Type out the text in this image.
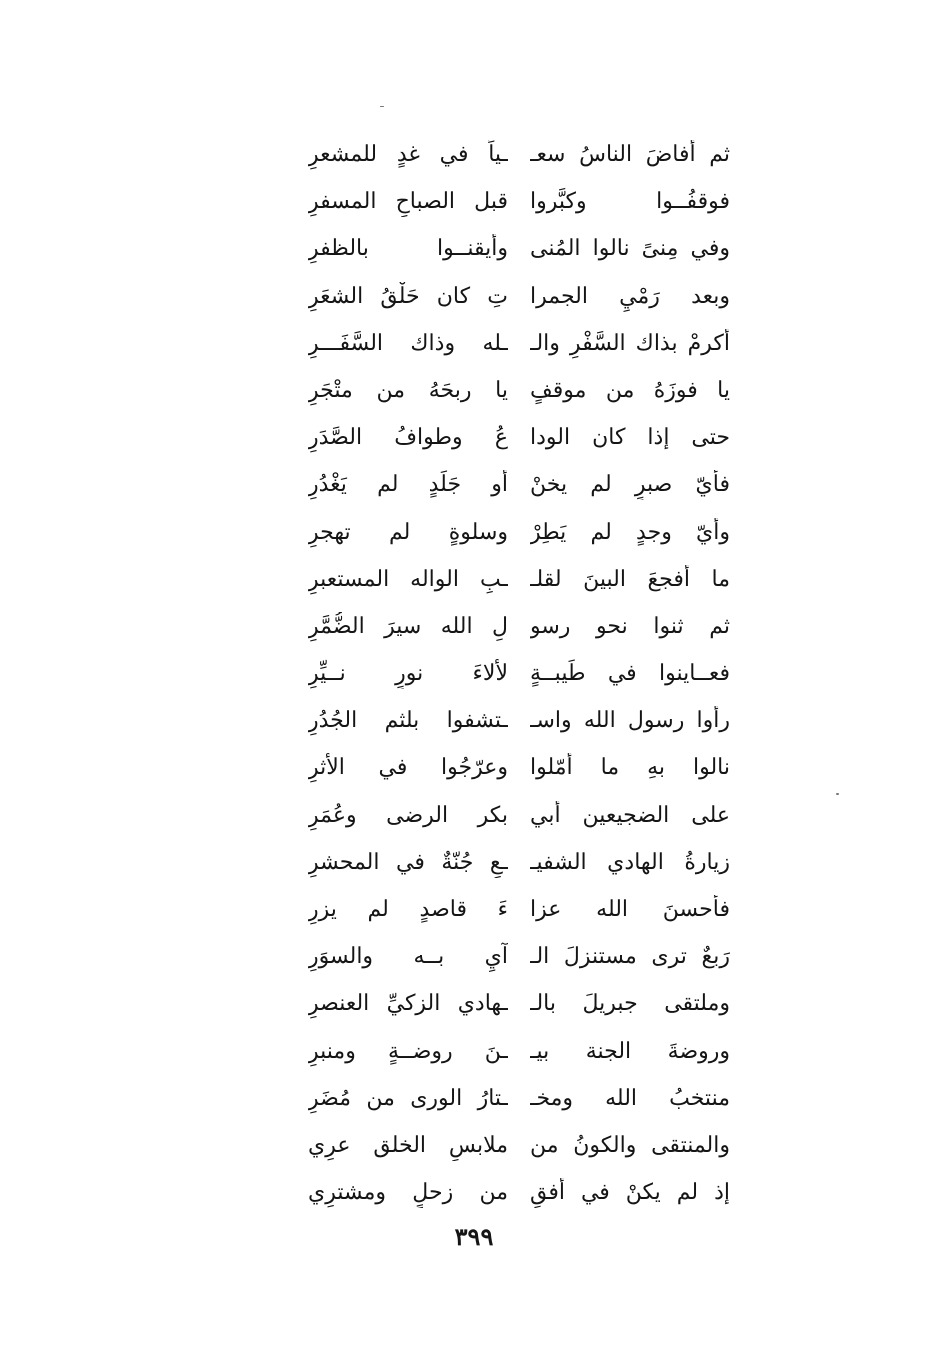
ثم أفاضَ الناسُ سعـ
ـياً في غدٍ للمشعرِ
فوقفُــوا وكبَّروا
قبل الصباحِ المسفرِ
وفي مِنىً نالوا المُنى
وأيقنــوا بالظفرِ
وبعد رَمْيِ الجمرا
تِ كان حَلْقُ الشعَرِ
أكرمْ بذاك السَّفْرِ والـ
ـله وذاك السَّفَـــرِ
يا فوزَهُ من موقفٍ
يا ربحَهُ من متْجَرِ
حتى إذا كان الودا
عُ وطوافُ الصَّدَرِ
فأيّ صبرٍ لم يخنْ
أو جَلَدٍ لم يَغْدُرِ
وأيّ وجدٍ لم يَطِرْ
وسلوةٍ لم تهجرِ
ما أفجعَ البينَ لقلـ
ـبِ الواله المستعبرِ
ثم ثنوا نحو رسو
لِ الله سيرَ الضُّمَّرِ
فعــاينوا في طَيبــةٍ
لألاءَ نورٍ نــيِّرِ
رأوا رسول الله واسـ
ـتشفوا بلثم الجُدُرِ
نالوا بهِ ما أمّلوا
وعرّجُوا في الأثرِ
على الضجيعين أبي
بكر الرضى وعُمَرِ
زيارةُ الهادي الشفيـ
ـعِ جُنّةٌ في المحشرِ
فأحسنَ الله عزا
ءَ قاصدٍ لم يزرِ
رَبعٌ ترى مستنزلَ الـ
آيِ بــه والسوَرِ
وملتقى جبريلَ بالـ
ـهادي الزكيِّ العنصرِ
وروضةَ الجنة بيـ
ـنَ روضــةٍ ومنبرِ
منتخبُ الله ومخـ
ـتارُ الورى من مُضَرِ
والمنتقى والكونُ من
ملابسِ الخلق عرِي
إذ لم يكنْ في أفقٍ
من زحلٍ ومشترِي
٣٩٩
